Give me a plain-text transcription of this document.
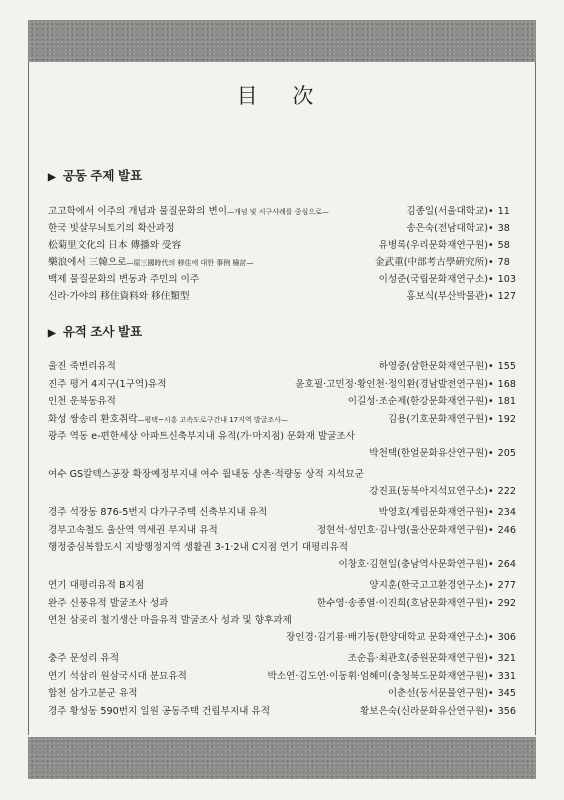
目 次
▶ 공동 주제 발표
고고학에서 이주의 개념과 물질문화의 변이—개념 및 서구사례를 중심으로—	김종일(서울대학교) • 11
한국 빗살무늬토기의 확산과정	송은숙(전남대학교) • 38
松菊里文化의 日本 傳播와 受容	유병록(우리문화재연구원) • 58
樂浪에서 三韓으로—原三國時代의 移住에 대한 事例 檢討—	金武重(中部考古學硏究所) • 78
백제 물질문화의 변동과 주민의 이주	이성준(국립문화재연구소) • 103
신라·가야의 移住資料와 移住類型	홍보식(부산박물관) • 127
▶ 유적 조사 발표
울진 죽변리유적	하영중(삼한문화재연구원) • 155
진주 평거 4지구(1구역)유적	윤호필·고민정·황인천·정익환(경남발전연구원) • 168
인천 운북동유적	이길성·조순제(한강문화재연구원) • 181
화성 쌍송리 환호취락—평택~시흥 고속도로구간내 17지역 발굴조사—	김용(기호문화재연구원) • 192
광주 역동 e-편한세상 아파트신축부지내 유적(가·마지점) 문화재 발굴조사
박천택(한얼문화유산연구원) • 205
여수 GS칼텍스공장 확장예정부지내 여수 월내동 상촌·적량동 상적 지석묘군
강진표(동북아지석묘연구소) • 222
경주 석장동 876-5번지 다가구주택 신축부지내 유적	박영호(계림문화재연구원) • 234
경부고속철도 울산역 역세권 부지내 유적	정현석·성민호·김나영(울산문화재연구원) • 246
행정중심복합도시 지방행정지역 생활권 3-1·2내 C지점 연기 대평리유적
이창호·김현일(충남역사문화연구원) • 264
연기 대평리유적 B지점	양지훈(한국고고환경연구소) • 277
완주 신풍유적 발굴조사 성과	한수영·송종열·이진희(호남문화재연구원) • 292
연천 삼곶리 철기생산 마을유적 발굴조사 성과 및 향후과제
장인경·김기룡·배기동(한양대학교 문화재연구소) • 306
충주 문성리 유적	조순흠·최관호(중원문화재연구원) • 321
연기 석삼리 원삼국시대 분묘유적	박소연·김도연·이동휘·엄혜미(충청북도문화재연구원) • 331
합천 삼가고분군 유적	이춘선(동서문물연구원) • 345
경주 황성동 590번지 일원 공동주택 건립부지내 유적	황보은숙(신라문화유산연구원) • 356
